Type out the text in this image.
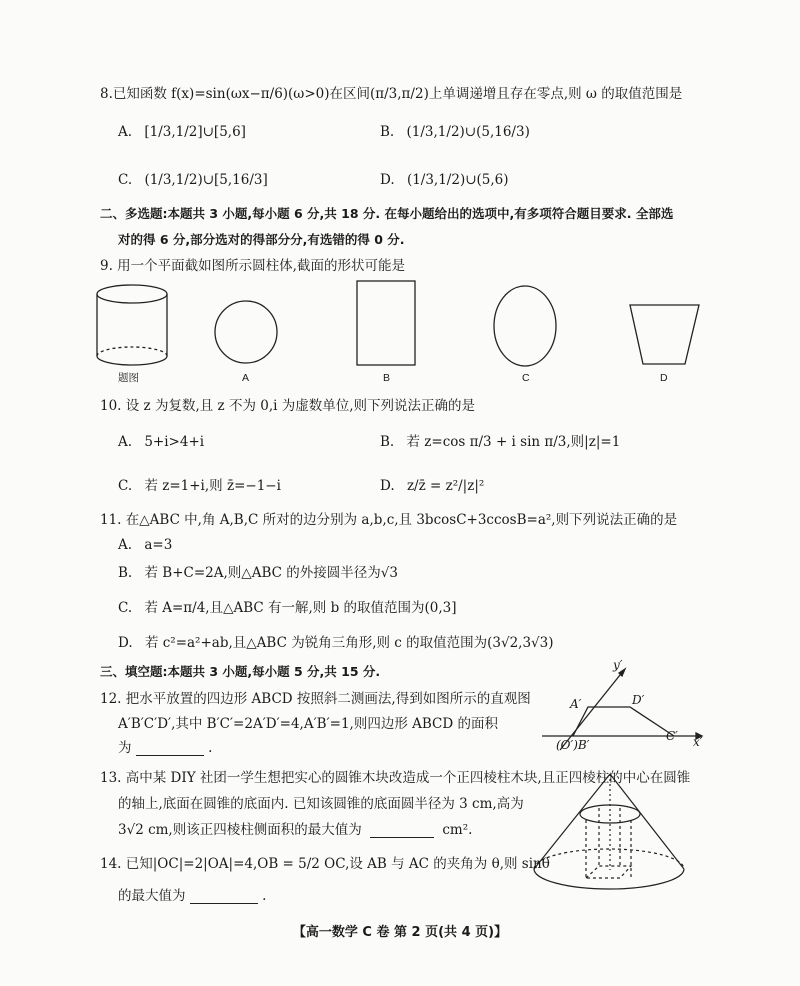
8.已知函数 f(x)=sin(ωx−π/6)(ω>0)在区间(π/3,π/2)上单调递增且存在零点,则 ω 的取值范围是
A. [1/3,1/2]∪[5,6]	B. (1/3,1/2)∪(5,16/3)
C. (1/3,1/2)∪[5,16/3]	D. (1/3,1/2)∪(5,6)
二、多选题:本题共 3 小题,每小题 6 分,共 18 分. 在每小题给出的选项中,有多项符合题目要求. 全部选
对的得 6 分,部分选对的得部分分,有选错的得 0 分.
9. 用一个平面截如图所示圆柱体,截面的形状可能是
题图	A	B	C	D
10. 设 z 为复数,且 z 不为 0,i 为虚数单位,则下列说法正确的是
A. 5+i>4+i	B. 若 z=cos π/3 + i sin π/3,则|z|=1
C. 若 z=1+i,则 z̄=−1−i	D. z/z̄ = z²/|z|²
11. 在△ABC 中,角 A,B,C 所对的边分别为 a,b,c,且 3bcosC+3ccosB=a²,则下列说法正确的是
A. a=3
B. 若 B+C=2A,则△ABC 的外接圆半径为√3
C. 若 A=π/4,且△ABC 有一解,则 b 的取值范围为(0,3]
D. 若 c²=a²+ab,且△ABC 为锐角三角形,则 c 的取值范围为(3√2,3√3)
三、填空题:本题共 3 小题,每小题 5 分,共 15 分.
12. 把水平放置的四边形 ABCD 按照斜二测画法,得到如图所示的直观图
A′B′C′D′,其中 B′C′=2A′D′=4,A′B′=1,则四边形 ABCD 的面积
为	.
y′
A′	D′
(O′)B′
C′ x′
13. 高中某 DIY 社团一学生想把实心的圆锥木块改造成一个正四棱柱木块,且正四棱柱的中心在圆锥
的轴上,底面在圆锥的底面内. 已知该圆锥的底面圆半径为 3 cm,高为
3√2 cm,则该正四棱柱侧面积的最大值为	cm².
14. 已知|OC|=2|OA|=4,OB = 5/2 OC,设 AB 与 AC 的夹角为 θ,则 sinθ
的最大值为	.
【高一数学 C 卷 第 2 页(共 4 页)】
